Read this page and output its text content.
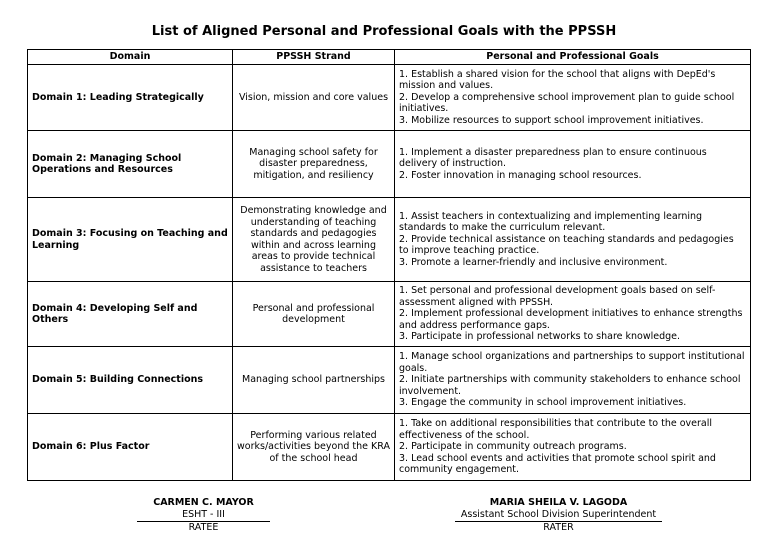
List of Aligned Personal and Professional Goals with the PPSSH
Domain	PPSSH Strand	Personal and Professional Goals
Domain 1: Leading Strategically	Vision, mission and core values	1. Establish a shared vision for the school that aligns with DepEd's mission and values.
2. Develop a comprehensive school improvement plan to guide school initiatives.
3. Mobilize resources to support school improvement initiatives.

Domain 2: Managing School Operations and Resources	Managing school safety for disaster preparedness, mitigation, and resiliency	1. Implement a disaster preparedness plan to ensure continuous delivery of instruction.
2. Foster innovation in managing school resources.

Domain 3: Focusing on Teaching and Learning	Demonstrating knowledge and understanding of teaching standards and pedagogies within and across learning areas to provide technical assistance to teachers	1. Assist teachers in contextualizing and implementing learning standards to make the curriculum relevant.
2. Provide technical assistance on teaching standards and pedagogies to improve teaching practice.
3. Promote a learner-friendly and inclusive environment.

Domain 4: Developing Self and Others	Personal and professional development	1. Set personal and professional development goals based on self-assessment aligned with PPSSH.
2. Implement professional development initiatives to enhance strengths and address performance gaps.
3. Participate in professional networks to share knowledge.

Domain 5: Building Connections	Managing school partnerships	1. Manage school organizations and partnerships to support institutional goals.
2. Initiate partnerships with community stakeholders to enhance school involvement.
3. Engage the community in school improvement initiatives.

Domain 6: Plus Factor	Performing various related works/activities beyond the KRA of the school head	1. Take on additional responsibilities that contribute to the overall effectiveness of the school.
2. Participate in community outreach programs.
3. Lead school events and activities that promote school spirit and community engagement.
CARMEN C. MAYOR
ESHT - III
RATEE
MARIA SHEILA V. LAGODA
Assistant School Division Superintendent
RATER
